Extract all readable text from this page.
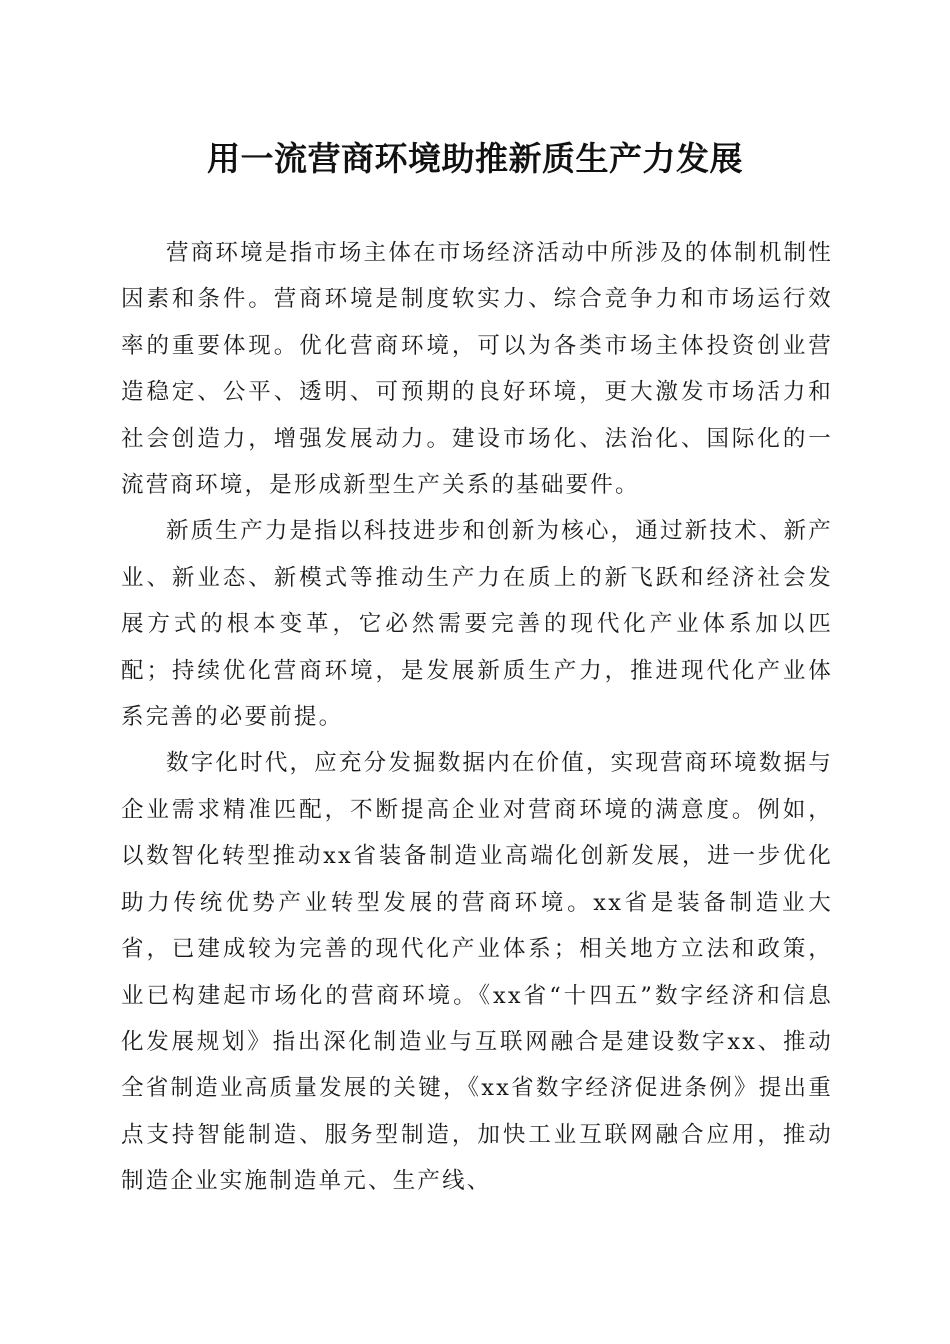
用一流营商环境助推新质生产力发展

营商环境是指市场主体在市场经济活动中所涉及的体制机制性因素和条件。营商环境是制度软实力、综合竞争力和市场运行效率的重要体现。优化营商环境，可以为各类市场主体投资创业营造稳定、公平、透明、可预期的良好环境，更大激发市场活力和社会创造力，增强发展动力。建设市场化、法治化、国际化的一流营商环境，是形成新型生产关系的基础要件。

新质生产力是指以科技进步和创新为核心，通过新技术、新产业、新业态、新模式等推动生产力在质上的新飞跃和经济社会发展方式的根本变革，它必然需要完善的现代化产业体系加以匹配；持续优化营商环境，是发展新质生产力，推进现代化产业体系完善的必要前提。

数字化时代，应充分发掘数据内在价值，实现营商环境数据与企业需求精准匹配，不断提高企业对营商环境的满意度。例如，以数智化转型推动xx省装备制造业高端化创新发展，进一步优化助力传统优势产业转型发展的营商环境。xx省是装备制造业大省，已建成较为完善的现代化产业体系；相关地方立法和政策，业已构建起市场化的营商环境。《xx省“十四五”数字经济和信息化发展规划》指出深化制造业与互联网融合是建设数字xx、推动全省制造业高质量发展的关键，《xx省数字经济促进条例》提出重点支持智能制造、服务型制造，加快工业互联网融合应用，推动制造企业实施制造单元、生产线、
